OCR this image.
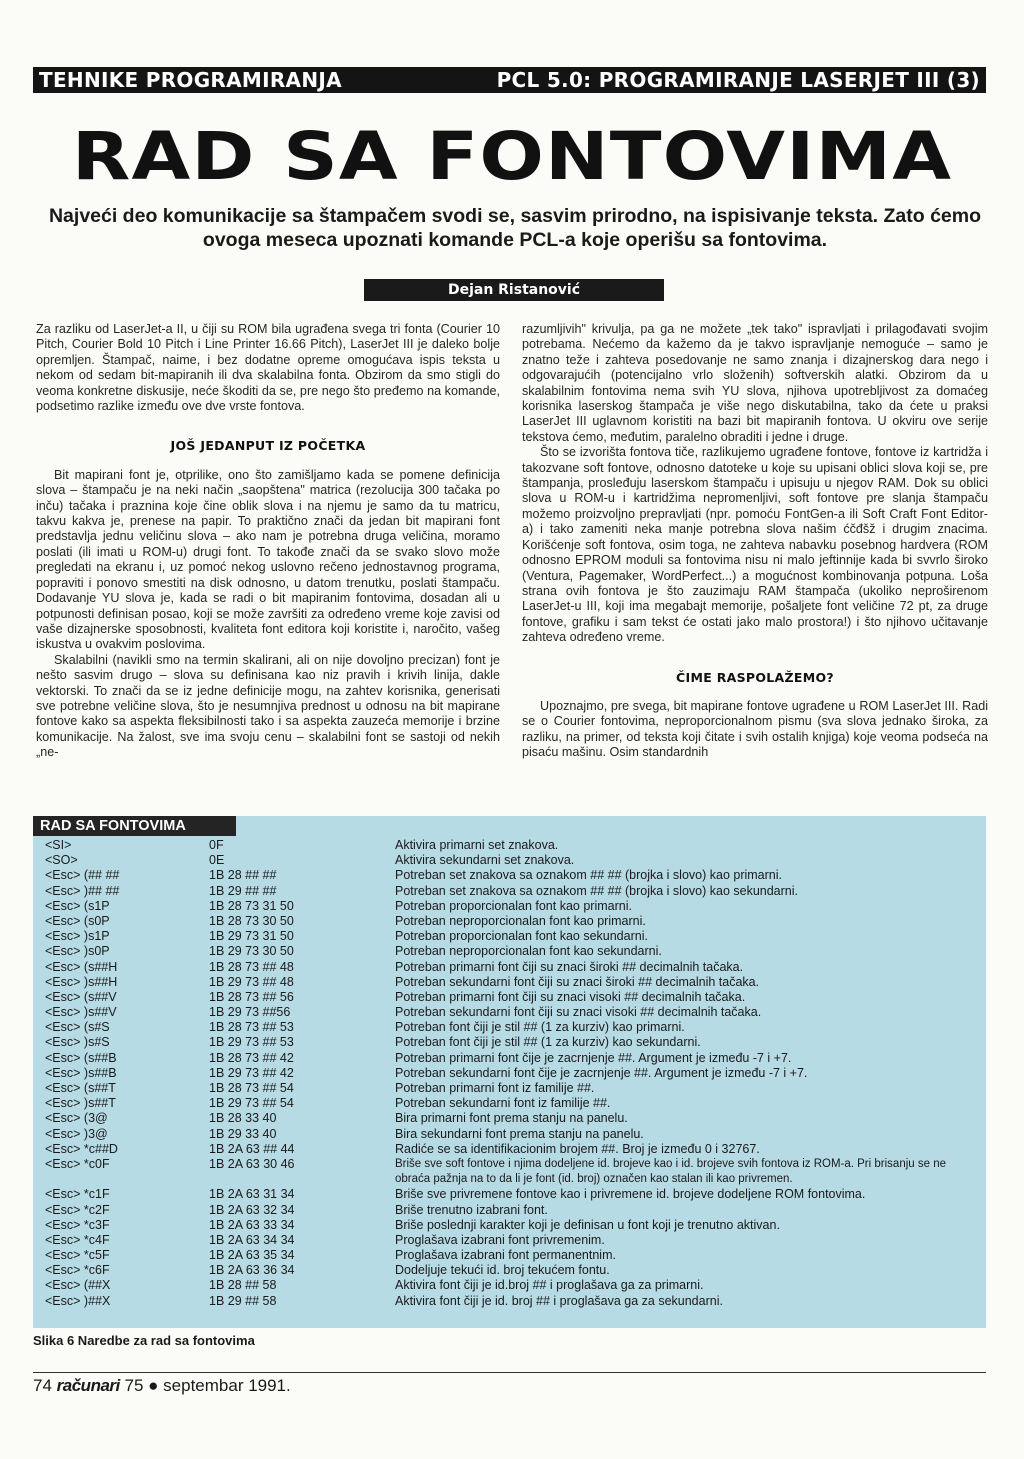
TEHNIKE PROGRAMIRANJA	PCL 5.0: PROGRAMIRANJE LASERJET III (3)
RAD SA FONTOVIMA
Najveći deo komunikacije sa štampačem svodi se, sasvim prirodno, na ispisivanje teksta. Zato ćemo ovoga meseca upoznati komande PCL-a koje operišu sa fontovima.
Dejan Ristanović

Za razliku od LaserJet-a II, u čiji su ROM bila ugrađena svega tri fonta (Courier 10 Pitch, Courier Bold 10 Pitch i Line Printer 16.66 Pitch), LaserJet III je daleko bolje opremljen. Štampač, naime, i bez dodatne opreme omogućava ispis teksta u nekom od sedam bit-mapiranih ili dva skalabilna fonta. Obzirom da smo stigli do veoma konkretne diskusije, neće škoditi da se, pre nego što pređemo na komande, podsetimo razlike između ove dve vrste fontova.

JOŠ JEDANPUT IZ POČETKA

Bit mapirani font je, otprilike, ono što zamišljamo kada se pomene definicija slova – štampaču je na neki način „saopštena" matrica (rezolucija 300 tačaka po inču) tačaka i praznina koje čine oblik slova i na njemu je samo da tu matricu, takvu kakva je, prenese na papir. To praktično znači da jedan bit mapirani font predstavlja jednu veličinu slova – ako nam je potrebna druga veličina, moramo poslati (ili imati u ROM-u) drugi font. To takođe znači da se svako slovo može pregledati na ekranu i, uz pomoć nekog uslovno rečeno jednostavnog programa, popraviti i ponovo smestiti na disk odnosno, u datom trenutku, poslati štampaču. Dodavanje YU slova je, kada se radi o bit mapiranim fontovima, dosadan ali u potpunosti definisan posao, koji se može završiti za određeno vreme koje zavisi od vaše dizajnerske sposobnosti, kvaliteta font editora koji koristite i, naročito, vašeg iskustva u ovakvim poslovima.

Skalabilni (navikli smo na termin skalirani, ali on nije dovoljno precizan) font je nešto sasvim drugo – slova su definisana kao niz pravih i krivih linija, dakle vektorski. To znači da se iz jedne definicije mogu, na zahtev korisnika, generisati sve potrebne veličine slova, što je nesumnjiva prednost u odnosu na bit mapirane fontove kako sa aspekta fleksibilnosti tako i sa aspekta zauzeća memorije i brzine komunikacije. Na žalost, sve ima svoju cenu – skalabilni font se sastoji od nekih „ne-

razumljivih" krivulja, pa ga ne možete „tek tako" ispravljati i prilagođavati svojim potrebama. Nećemo da kažemo da je takvo ispravljanje nemoguće – samo je znatno teže i zahteva posedovanje ne samo znanja i dizajnerskog dara nego i odgovarajućih (potencijalno vrlo složenih) softverskih alatki. Obzirom da u skalabilnim fontovima nema svih YU slova, njihova upotrebljivost za domaćeg korisnika laserskog štampača je više nego diskutabilna, tako da ćete u praksi LaserJet III uglavnom koristiti na bazi bit mapiranih fontova. U okviru ove serije tekstova ćemo, međutim, paralelno obraditi i jedne i druge.

Što se izvorišta fontova tiče, razlikujemo ugrađene fontove, fontove iz kartridža i takozvane soft fontove, odnosno datoteke u koje su upisani oblici slova koji se, pre štampanja, prosleđuju laserskom štampaču i upisuju u njegov RAM. Dok su oblici slova u ROM-u i kartridžima nepromenljivi, soft fontove pre slanja štampaču možemo proizvoljno prepravljati (npr. pomoću FontGen-a ili Soft Craft Font Editor-a) i tako zameniti neka manje potrebna slova našim ćčđšž i drugim znacima. Korišćenje soft fontova, osim toga, ne zahteva nabavku posebnog hardvera (ROM odnosno EPROM moduli sa fontovima nisu ni malo jeftinnije kada bi svvrlo široko (Ventura, Pagemaker, WordPerfect...) a mogućnost kombinovanja potpuna. Loša strana ovih fontova je što zauzimaju RAM štampača (ukoliko neproširenom LaserJet-u III, koji ima megabajt memorije, pošaljete font veličine 72 pt, za druge fontove, grafiku i sam tekst će ostati jako malo prostora!) i što njihovo učitavanje zahteva određeno vreme.

ČIME RASPOLAŽEMO?

Upoznajmo, pre svega, bit mapirane fontove ugrađene u ROM LaserJet III. Radi se o Courier fontovima, neproporcionalnom pismu (sva slova jednako široka, za razliku, na primer, od teksta koji čitate i svih ostalih knjiga) koje veoma podseća na pisaću mašinu. Osim standardnih

RAD SA FONTOVIMA
<SI>	0F	Aktivira primarni set znakova.
<SO>	0E	Aktivira sekundarni set znakova.
<Esc> (## ##	1B 28 ## ##	Potreban set znakova sa oznakom ## ## (brojka i slovo) kao primarni.
<Esc> )## ##	1B 29 ## ##	Potreban set znakova sa oznakom ## ## (brojka i slovo) kao sekundarni.
<Esc> (s1P	1B 28 73 31 50	Potreban proporcionalan font kao primarni.
<Esc> (s0P	1B 28 73 30 50	Potreban neproporcionalan font kao primarni.
<Esc> )s1P	1B 29 73 31 50	Potreban proporcionalan font kao sekundarni.
<Esc> )s0P	1B 29 73 30 50	Potreban neproporcionalan font kao sekundarni.
<Esc> (s##H	1B 28 73 ## 48	Potreban primarni font čiji su znaci široki ## decimalnih tačaka.
<Esc> )s##H	1B 29 73 ## 48	Potreban sekundarni font čiji su znaci široki ## decimalnih tačaka.
<Esc> (s##V	1B 28 73 ## 56	Potreban primarni font čiji su znaci visoki ## decimalnih tačaka.
<Esc> )s##V	1B 29 73 ##56	Potreban sekundarni font čiji su znaci visoki ## decimalnih tačaka.
<Esc> (s#S	1B 28 73 ## 53	Potreban font čiji je stil ## (1 za kurziv) kao primarni.
<Esc> )s#S	1B 29 73 ## 53	Potreban font čiji je stil ## (1 za kurziv) kao sekundarni.
<Esc> (s##B	1B 28 73 ## 42	Potreban primarni font čije je zacrnjenje ##. Argument je između -7 i +7.
<Esc> )s##B	1B 29 73 ## 42	Potreban sekundarni font čije je zacrnjenje ##. Argument je između -7 i +7.
<Esc> (s##T	1B 28 73 ## 54	Potreban primarni font iz familije ##.
<Esc> )s##T	1B 29 73 ## 54	Potreban sekundarni font iz familije ##.
<Esc> (3@	1B 28 33 40	Bira primarni font prema stanju na panelu.
<Esc> )3@	1B 29 33 40	Bira sekundarni font prema stanju na panelu.
<Esc> *c##D	1B 2A 63 ## 44	Radiće se sa identifikacionim brojem ##. Broj je između 0 i 32767.
<Esc> *c0F	1B 2A 63 30 46	Briše sve soft fontove i njima dodeljene id. brojeve kao i id. brojeve svih fontova iz ROM-a. Pri brisanju se ne obraća pažnja na to da li je font (id. broj) označen kao stalan ili kao privremen.
<Esc> *c1F	1B 2A 63 31 34	Briše sve privremene fontove kao i privremene id. brojeve dodeljene ROM fontovima.
<Esc> *c2F	1B 2A 63 32 34	Briše trenutno izabrani font.
<Esc> *c3F	1B 2A 63 33 34	Briše poslednji karakter koji je definisan u font koji je trenutno aktivan.
<Esc> *c4F	1B 2A 63 34 34	Proglašava izabrani font privremenim.
<Esc> *c5F	1B 2A 63 35 34	Proglašava izabrani font permanentnim.
<Esc> *c6F	1B 2A 63 36 34	Dodeljuje tekući id. broj tekućem fontu.
<Esc> (##X	1B 28 ## 58	Aktivira font čiji je id.broj ## i proglašava ga za primarni.
<Esc> )##X	1B 29 ## 58	Aktivira font čiji je id. broj ## i proglašava ga za sekundarni.
Slika 6 Naredbe za rad sa fontovima
74 računari 75 ● septembar 1991.
